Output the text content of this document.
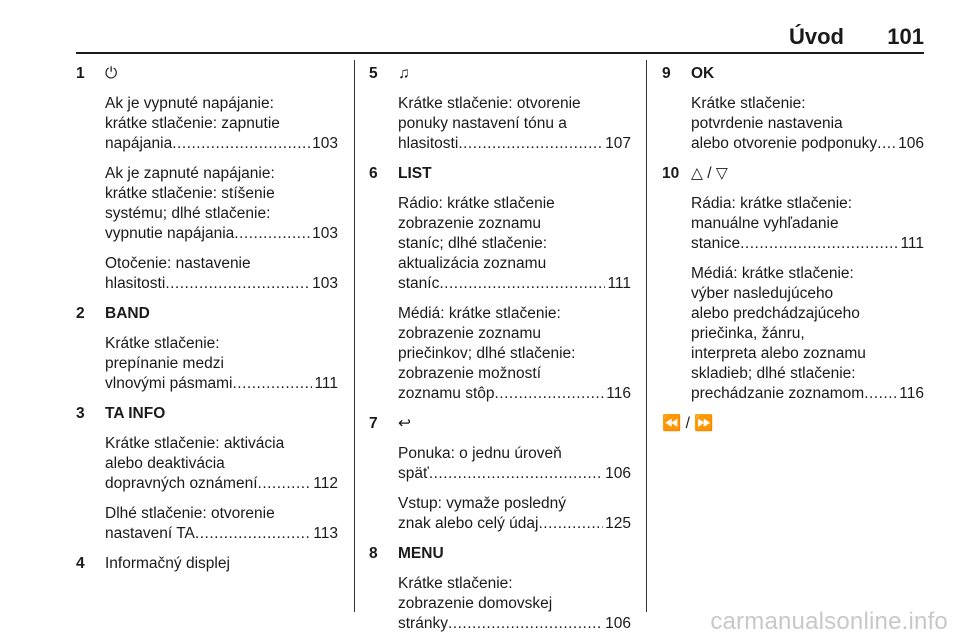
Úvod 101
1 ⏻
Ak je vypnuté napájanie:
krátke stlačenie: zapnutie
napájania .....	103
Ak je zapnuté napájanie:
krátke stlačenie: stíšenie
systému; dlhé stlačenie:
vypnutie napájania .....	103
Otočenie: nastavenie
hlasitosti .....	103
2 BAND
Krátke stlačenie:
prepínanie medzi
vlnovými pásmami .....	111
3 TA INFO
Krátke stlačenie: aktivácia
alebo deaktivácia
dopravných oznámení .....	112
Dlhé stlačenie: otvorenie
nastavení TA .....	113
4 Informačný displej
5 ♫
Krátke stlačenie: otvorenie
ponuky nastavení tónu a
hlasitosti .....	107
6 LIST
Rádio: krátke stlačenie
zobrazenie zoznamu
staníc; dlhé stlačenie:
aktualizácia zoznamu
staníc .....	111
Médiá: krátke stlačenie:
zobrazenie zoznamu
priečinkov; dlhé stlačenie:
zobrazenie možností
zoznamu stôp .....	116
7 ↩
Ponuka: o jednu úroveň
späť .....	106
Vstup: vymaže posledný
znak alebo celý údaj .....	125
8 MENU
Krátke stlačenie:
zobrazenie domovskej
stránky .....	106
9 OK
Krátke stlačenie:
potvrdenie nastavenia
alebo otvorenie podponuky ..... 106
10 △ / ▽
Rádia: krátke stlačenie:
manuálne vyhľadanie
stanice .....	111
Médiá: krátke stlačenie:
výber nasledujúceho
alebo predchádzajúceho
priečinka, žánru,
interpreta alebo zoznamu
skladieb; dlhé stlačenie:
prechádzanie zoznamom ..... 116
⏪ / ⏩
carmanualsonline.info
